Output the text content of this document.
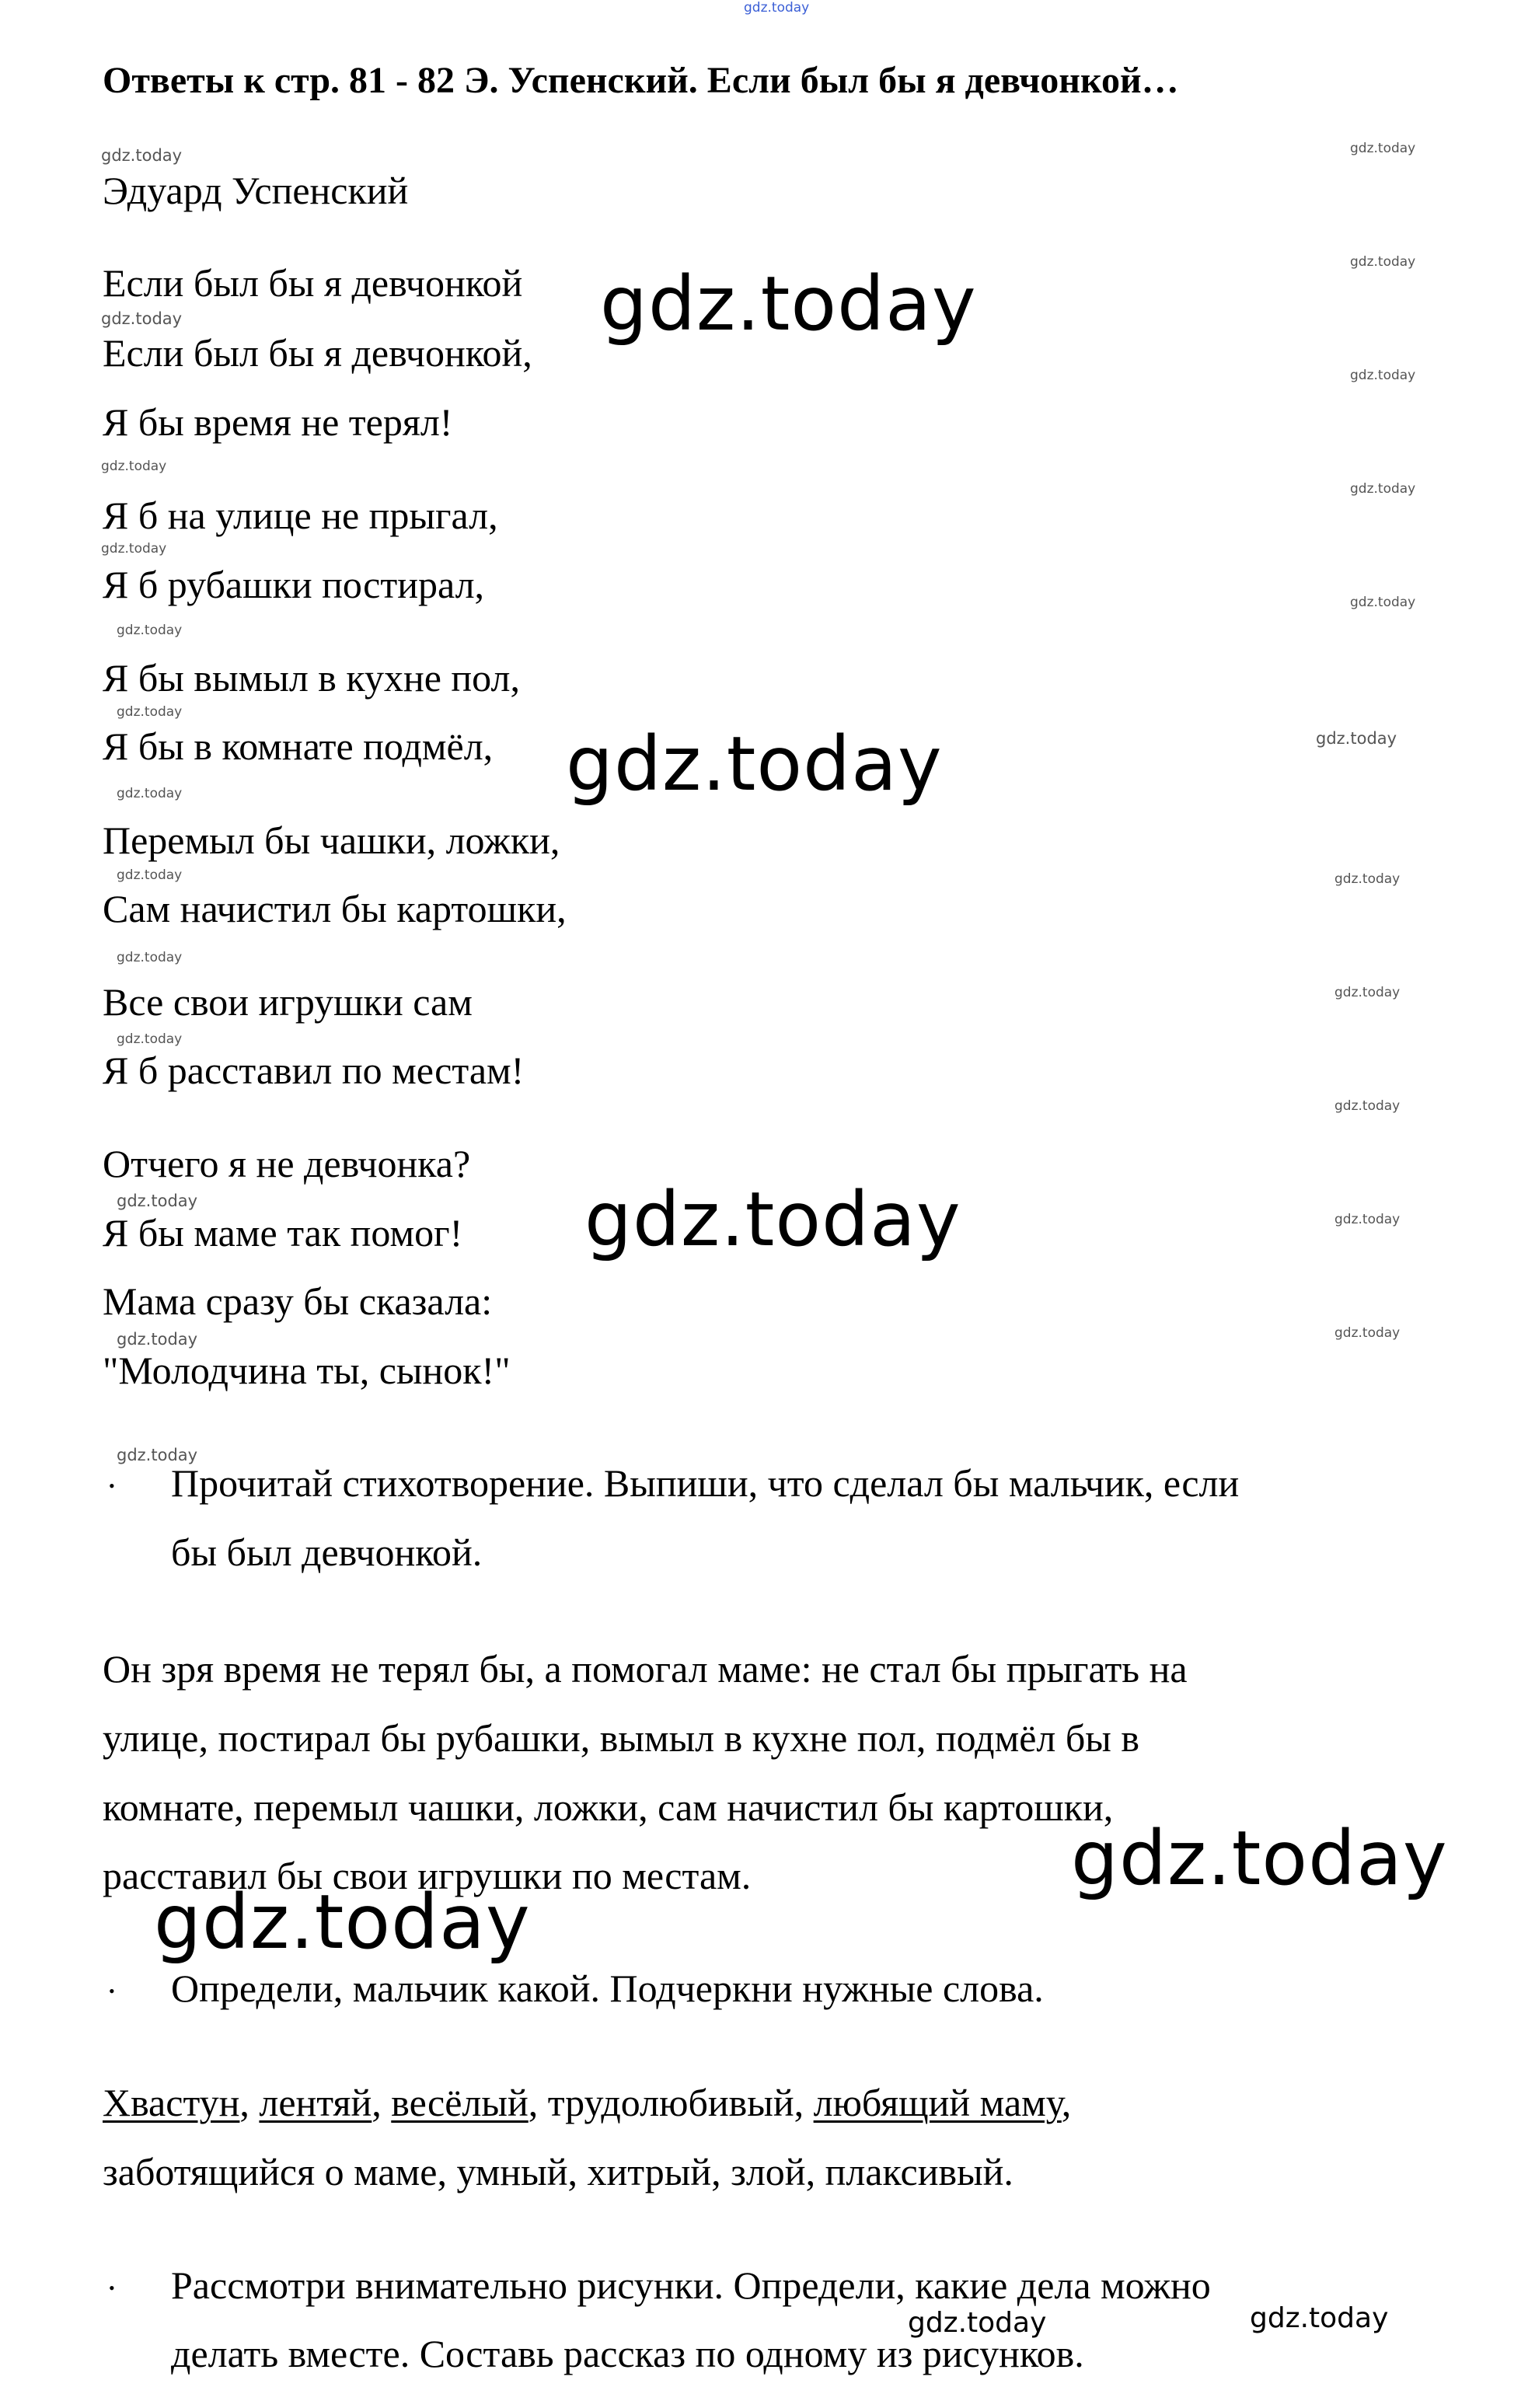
gdz.today
Ответы к стр. 81 - 82 Э. Успенский. Если был бы я девчонкой…
gdz.today
gdz.today
gdz.today
gdz.today
gdz.today
gdz.today
gdz.today
gdz.today
gdz.today
gdz.today
gdz.today
gdz.today
gdz.today
gdz.today
gdz.today
gdz.today
gdz.today
gdz.today
gdz.today
gdz.today
gdz.today
gdz.today
gdz.today
gdz.today
gdz.today
gdz.today
gdz.today
gdz.today
gdz.today
gdz.today	gdz.today

Эдуард Успенский

Если был бы я девчонкой

Если был бы я девчонкой,

Я бы время не терял!

Я б на улице не прыгал,

Я б рубашки постирал,

Я бы вымыл в кухне пол,

Я бы в комнате подмёл,

Перемыл бы чашки, ложки,

Сам начистил бы картошки,

Все свои игрушки сам

Я б расставил по местам!

Отчего я не девчонка?

Я бы маме так помог!

Мама сразу бы сказала:

"Молодчина ты, сынок!"

• Прочитай стихотворение. Выпиши, что сделал бы мальчик, если

бы был девчонкой.

Он зря время не терял бы, а помогал маме: не стал бы прыгать на

улице, постирал бы рубашки, вымыл в кухне пол, подмёл бы в

комнате, перемыл чашки, ложки, сам начистил бы картошки,

расставил бы свои игрушки по местам.

• Определи, мальчик какой. Подчеркни нужные слова.

Хвастун, лентяй, весёлый, трудолюбивый, любящий маму,

заботящийся о маме, умный, хитрый, злой, плаксивый.

• Рассмотри внимательно рисунки. Определи, какие дела можно

делать вместе. Составь рассказ по одному из рисунков.
